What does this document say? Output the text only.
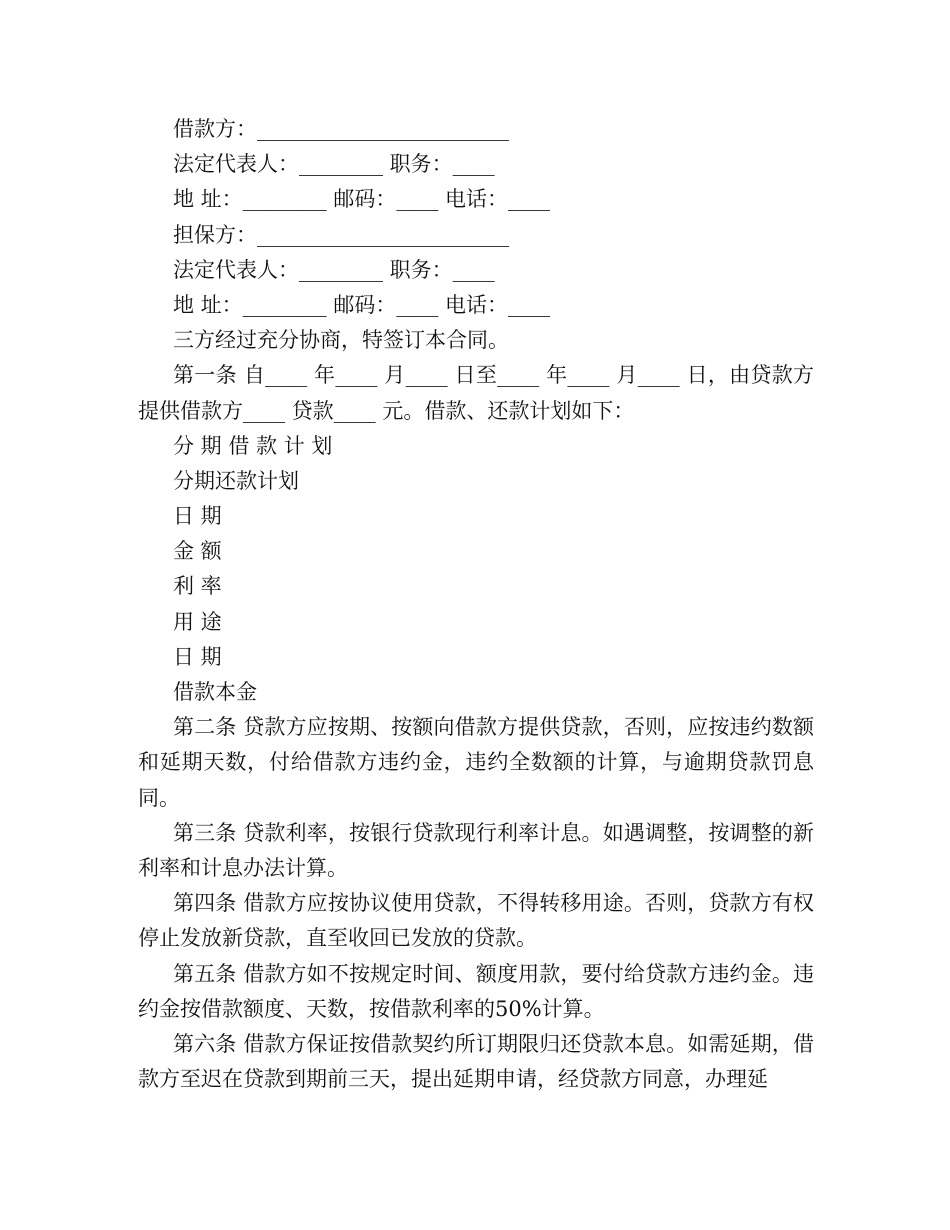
借款方：________________________
法定代表人：________ 职务：____
地 址：________ 邮码：____ 电话：____
担保方：________________________
法定代表人：________ 职务：____
地 址：________ 邮码：____ 电话：____
三方经过充分协商，特签订本合同。

第一条 自____ 年____ 月____ 日至____ 年____ 月____ 日，由贷款方提供借款方____ 贷款____ 元。借款、还款计划如下：

分 期 借 款 计 划
分期还款计划
日 期
金 额
利 率
用 途
日 期
借款本金

第二条 贷款方应按期、按额向借款方提供贷款，否则，应按违约数额和延期天数，付给借款方违约金，违约全数额的计算，与逾期贷款罚息同。

第三条 贷款利率，按银行贷款现行利率计息。如遇调整，按调整的新利率和计息办法计算。

第四条 借款方应按协议使用贷款，不得转移用途。否则，贷款方有权停止发放新贷款，直至收回已发放的贷款。

第五条 借款方如不按规定时间、额度用款，要付给贷款方违约金。违约金按借款额度、天数，按借款利率的50%计算。

第六条 借款方保证按借款契约所订期限归还贷款本息。如需延期，借款方至迟在贷款到期前三天，提出延期申请，经贷款方同意，办理延
